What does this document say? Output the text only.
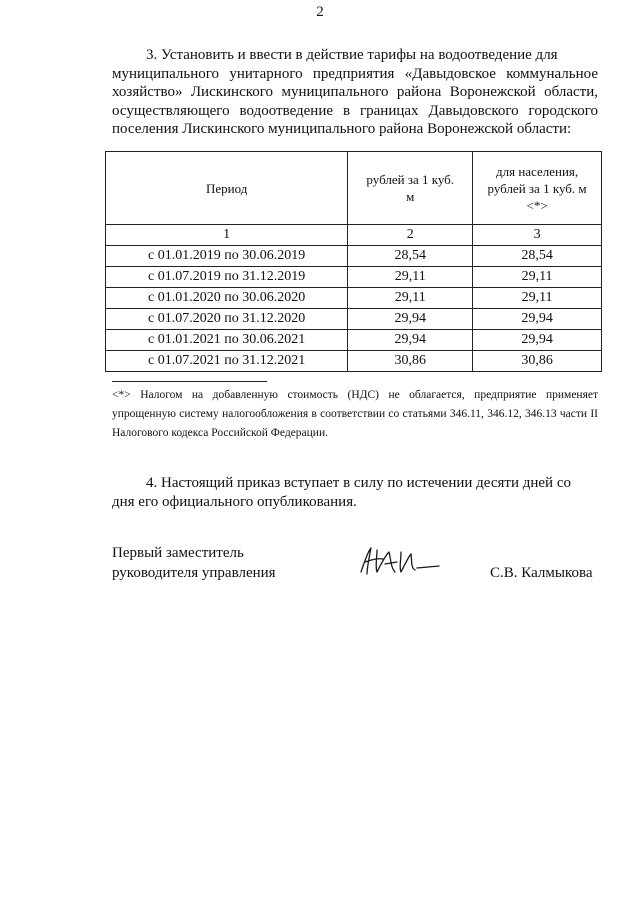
2
3. Установить и ввести в действие тарифы на водоотведение для
муниципального унитарного предприятия «Давыдовское коммунальное хозяйство» Лискинского муниципального района Воронежской области, осуществляющего водоотведение в границах Давыдовского городского поселения Лискинского муниципального района Воронежской области:
Период	рублей за 1 куб. м	для населения, рублей за 1 куб. м <*>
1	2	3
с 01.01.2019 по 30.06.2019	28,54	28,54
с 01.07.2019 по 31.12.2019	29,11	29,11
с 01.01.2020 по 30.06.2020	29,11	29,11
с 01.07.2020 по 31.12.2020	29,94	29,94
с 01.01.2021 по 30.06.2021	29,94	29,94
с 01.07.2021 по 31.12.2021	30,86	30,86
<*> Налогом на добавленную стоимость (НДС) не облагается, предприятие применяет упрощенную систему налогообложения в соответствии со статьями 346.11, 346.12, 346.13 части II Налогового кодекса Российской Федерации.
4. Настоящий приказ вступает в силу по истечении десяти дней со
дня его официального опубликования.
Первый заместитель
руководителя управления	С.В. Калмыкова
